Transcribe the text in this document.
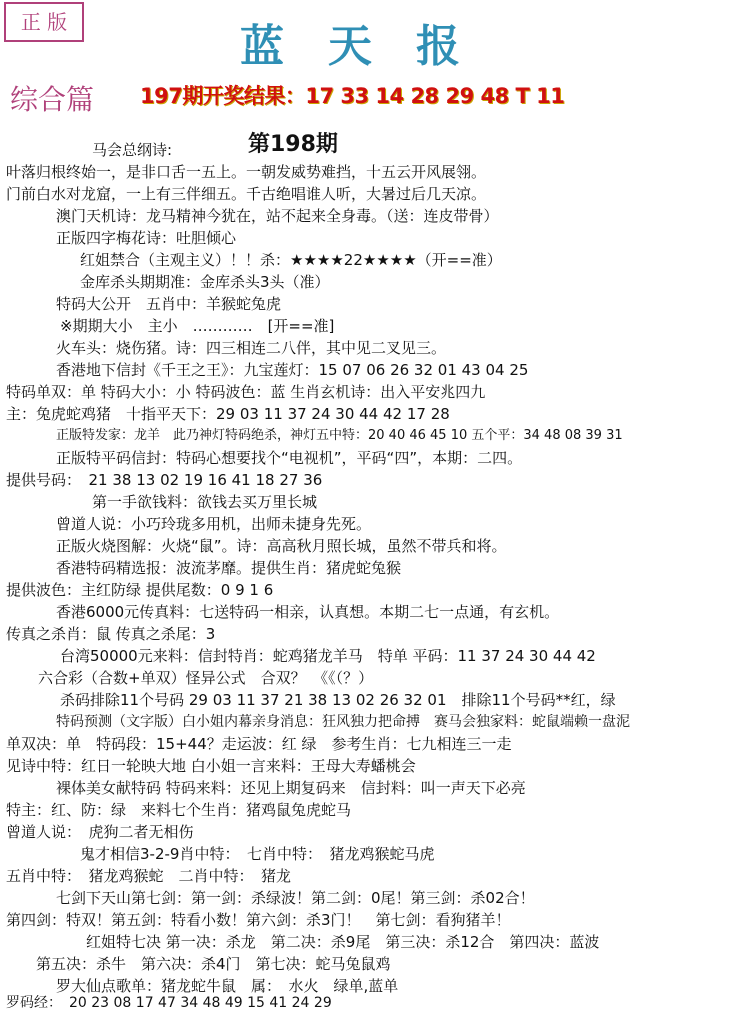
正 版	蓝天报
综合篇 197期开奖结果：17 33 14 28 29 48 T 11
第198期
马会总纲诗:
叶落归根终始一，是非口舌一五上。一朝发威势难挡，十五云开风展翎。
门前白水对龙窟，一上有三伴细五。千古绝唱谁人听，大暑过后几天凉。
澳门天机诗：龙马精神今犹在，站不起来全身毒。（送：连皮带骨）
正版四字梅花诗：吐胆倾心
红姐禁合（主观主义）！！杀：★★★★22★★★★（开==准）
金库杀头期期准：金库杀头3头（准）
特码大公开　五肖中：羊猴蛇兔虎
※期期大小　主小　…………　[开==准]
火车头：烧伤猪。诗：四三相连二八伴，其中见二叉见三。
香港地下信封《千王之王》：九宝莲灯：15 07 06 26 32 01 43 04 25
特码单双：单 特码大小：小 特码波色：蓝 生肖玄机诗：出入平安兆四九
主：兔虎蛇鸡猪　十指平天下：29 03 11 37 24 30 44 42 17 28
正版特发家：龙羊　此乃神灯特码绝杀，神灯五中特：20 40 46 45 10 五个平：34 48 08 39 31
正版特平码信封：特码心想要找个“电视机”，平码“四”，本期：二四。
提供号码：　21 38 13 02 19 16 41 18 27 36
第一手欲钱料：欲钱去买万里长城
曾道人说：小巧玲珑多用机，出师未捷身先死。
正版火烧图解：火烧“鼠”。诗：高高秋月照长城，虽然不带兵和将。
香港特码精选报：波流茅靡。提供生肖：猪虎蛇兔猴
提供波色：主红防绿 提供尾数：0 9 1 6
香港6000元传真料：七送特码一相亲，认真想。本期二七一点通，有玄机。
传真之杀肖：鼠 传真之杀尾：3
台湾50000元来料：信封特肖：蛇鸡猪龙羊马　特单 平码：11 37 24 30 44 42
六合彩（合数+单双）怪异公式　合双？　《《（？）
杀码排除11个号码 29 03 11 37 21 38 13 02 26 32 01　排除11个号码**红，绿
特码预测（文字版）白小姐内幕亲身消息：狂风独力把命搏　赛马会独家料：蛇鼠端赖一盘泥
单双决：单　特码段：15+44？走运波：红 绿　参考生肖：七九相连三一走
见诗中特：红日一轮映大地 白小姐一言来料：王母大寿蟠桃会
裸体美女献特码 特码来料：还见上期复码来　信封料：叫一声天下必亮
特主：红、防：绿　来料七个生肖：猪鸡鼠兔虎蛇马
曾道人说：　虎狗二者无相伤
鬼才相信3-2-9肖中特：　七肖中特：　猪龙鸡猴蛇马虎
五肖中特：　猪龙鸡猴蛇　二肖中特：　猪龙
七剑下天山第七剑：第一剑：杀绿波！第二剑：0尾！第三剑：杀02合！
第四剑：特双！第五剑：特看小数！第六剑：杀3门！　第七剑：看狗猪羊！
红姐特七决 第一决：杀龙　第二决：杀9尾　第三决：杀12合　第四决：蓝波
第五决：杀牛　第六决：杀4门　第七决：蛇马兔鼠鸡
罗大仙点歌单：猪龙蛇牛鼠　属：　水火　绿单,蓝单
罗码经：　20 23 08 17 47 34 48 49 15 41 24 29
